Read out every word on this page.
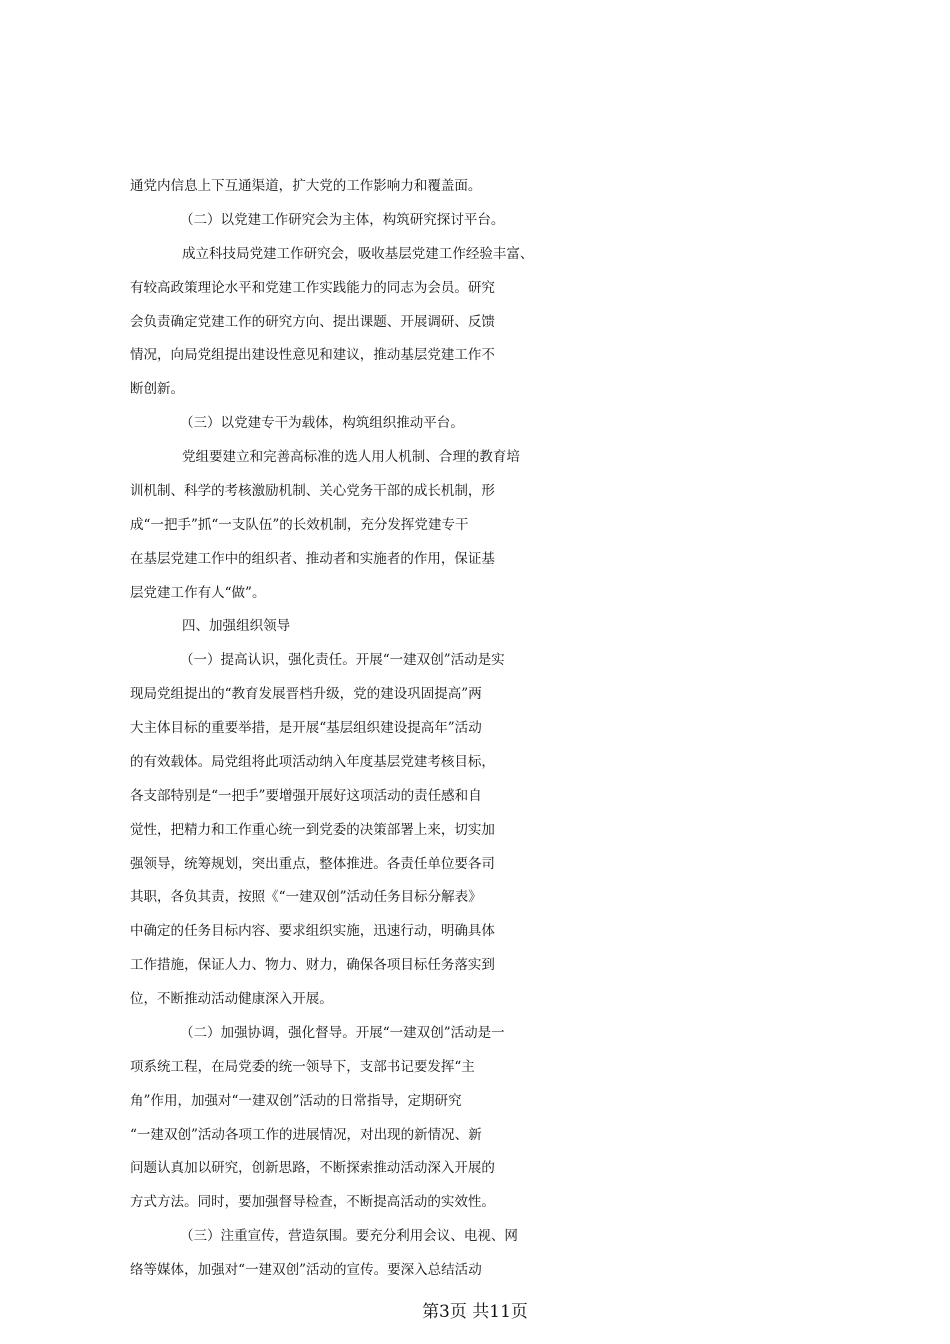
通党内信息上下互通渠道，扩大党的工作影响力和覆盖面。
（二）以党建工作研究会为主体，构筑研究探讨平台。
成立科技局党建工作研究会，吸收基层党建工作经验丰富、
有较高政策理论水平和党建工作实践能力的同志为会员。研究
会负责确定党建工作的研究方向、提出课题、开展调研、反馈
情况，向局党组提出建设性意见和建议，推动基层党建工作不
断创新。
（三）以党建专干为载体，构筑组织推动平台。
党组要建立和完善高标准的选人用人机制、合理的教育培
训机制、科学的考核激励机制、关心党务干部的成长机制，形
成“一把手”抓“一支队伍”的长效机制，充分发挥党建专干
在基层党建工作中的组织者、推动者和实施者的作用，保证基
层党建工作有人“做”。
四、加强组织领导
（一）提高认识，强化责任。开展“一建双创”活动是实
现局党组提出的“教育发展晋档升级，党的建设巩固提高”两
大主体目标的重要举措，是开展“基层组织建设提高年”活动
的有效载体。局党组将此项活动纳入年度基层党建考核目标，
各支部特别是“一把手”要增强开展好这项活动的责任感和自
觉性，把精力和工作重心统一到党委的决策部署上来，切实加
强领导，统筹规划，突出重点，整体推进。各责任单位要各司
其职，各负其责，按照《“一建双创”活动任务目标分解表》
中确定的任务目标内容、要求组织实施，迅速行动，明确具体
工作措施，保证人力、物力、财力，确保各项目标任务落实到
位，不断推动活动健康深入开展。
（二）加强协调，强化督导。开展“一建双创”活动是一
项系统工程，在局党委的统一领导下，支部书记要发挥“主
角”作用，加强对“一建双创”活动的日常指导，定期研究
“一建双创”活动各项工作的进展情况，对出现的新情况、新
问题认真加以研究，创新思路，不断探索推动活动深入开展的
方式方法。同时，要加强督导检查，不断提高活动的实效性。
（三）注重宣传，营造氛围。要充分利用会议、电视、网
络等媒体，加强对“一建双创”活动的宣传。要深入总结活动
第3页 共11页
